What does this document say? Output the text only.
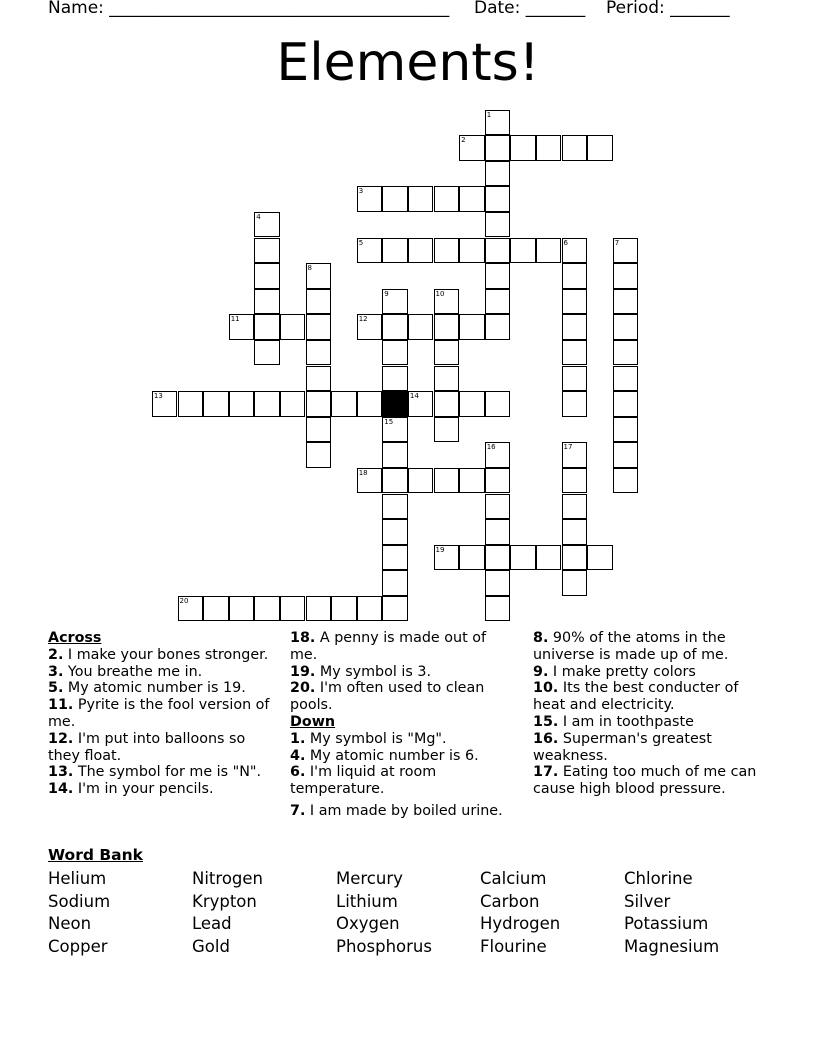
Name: ________________________________________ Date: _______ Period: _______
Elements!
1
2
3
4
5	6	7
8
9	10
11	12
13	14
15
16	17
18
19
20
Across
2. I make your bones stronger.
3. You breathe me in.
5. My atomic number is 19.
11. Pyrite is the fool version of me.
12. I'm put into balloons so they float.
13. The symbol for me is "N".
14. I'm in your pencils.
18. A penny is made out of me.
19. My symbol is 3.
20. I'm often used to clean pools.
Down
1. My symbol is "Mg".
4. My atomic number is 6.
6. I'm liquid at room temperature.
7. I am made by boiled urine.
8. 90% of the atoms in the universe is made up of me.
9. I make pretty colors
10. Its the best conducter of heat and electricity.
15. I am in toothpaste
16. Superman's greatest weakness.
17. Eating too much of me can cause high blood pressure.
Word Bank
Helium	Nitrogen	Mercury	Calcium	Chlorine
Sodium	Krypton	Lithium	Carbon	Silver
Neon	Lead	Oxygen	Hydrogen	Potassium
Copper	Gold	Phosphorus	Flourine	Magnesium
